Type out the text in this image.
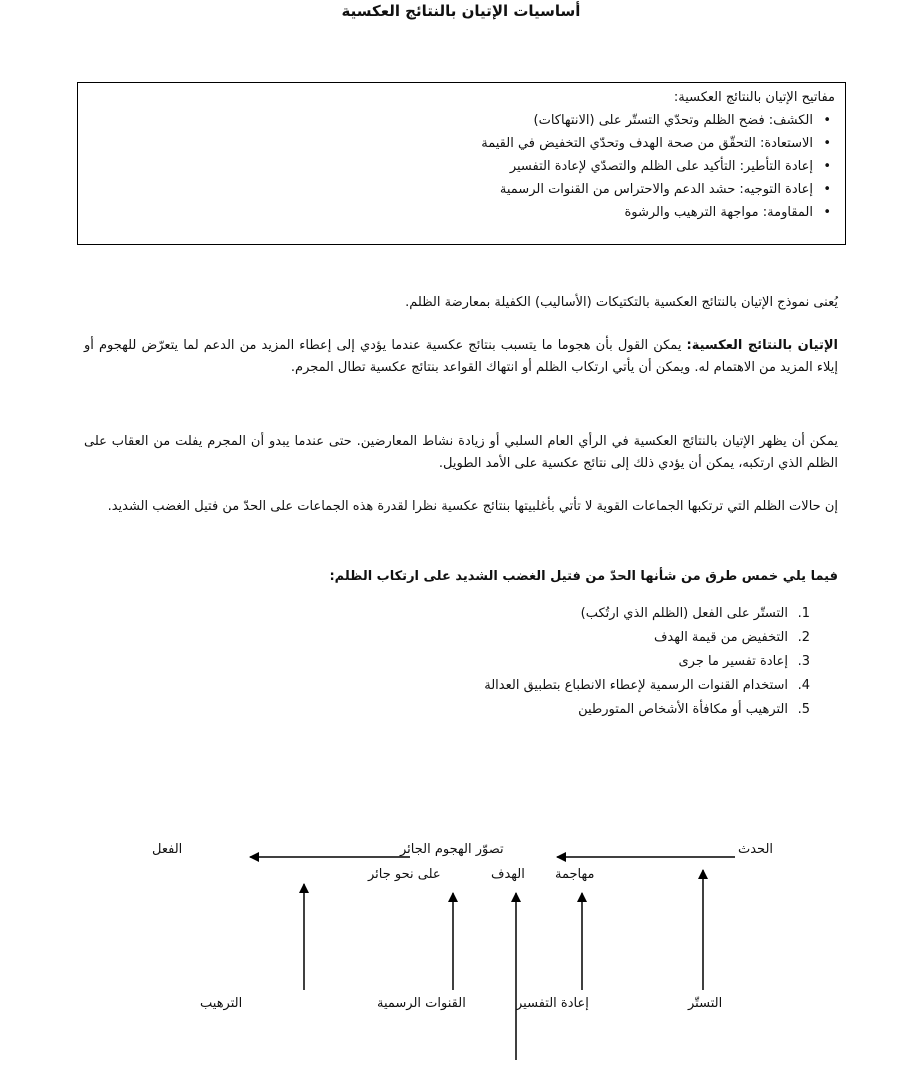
أساسيات الإتيان بالنتائج العكسية
مفاتيح الإتيان بالنتائج العكسية:
•
الكشف: فضح الظلم وتحدّي التستّر على (الانتهاكات)
•
الاستعادة: التحقّق من صحة الهدف وتحدّي التخفيض في القيمة
•
إعادة التأطير: التأكيد على الظلم والتصدّي لإعادة التفسير
•
إعادة التوجيه: حشد الدعم والاحتراس من القنوات الرسمية
•
المقاومة: مواجهة الترهيب والرشوة
يُعنى نموذج الإتيان بالنتائج العكسية بالتكتيكات (الأساليب) الكفيلة بمعارضة الظلم.
الإتيان بالنتائج العكسية: يمكن القول بأن هجوما ما يتسبب بنتائج عكسية عندما يؤدي إلى إعطاء المزيد من الدعم لما يتعرّض للهجوم أو إيلاء المزيد من الاهتمام له. ويمكن أن يأتي ارتكاب الظلم أو انتهاك القواعد بنتائج عكسية تطال المجرم.
يمكن أن يظهر الإتيان بالنتائج العكسية في الرأي العام السلبي أو زيادة نشاط المعارضين. حتى عندما يبدو أن المجرم يفلت من العقاب على الظلم الذي ارتكبه، يمكن أن يؤدي ذلك إلى نتائج عكسية على الأمد الطويل.
إن حالات الظلم التي ترتكبها الجماعات القوية لا تأتي بأغلبيتها بنتائج عكسية نظرا لقدرة هذه الجماعات على الحدّ من فتيل الغضب الشديد.
فيما يلي خمس طرق من شأنها الحدّ من فتيل الغضب الشديد على ارتكاب الظلم:
1.
التستّر على الفعل (الظلم الذي ارتُكب)
2.
التخفيض من قيمة الهدف
3.
إعادة تفسير ما جرى
4.
استخدام القنوات الرسمية لإعطاء الانطباع بتطبيق العدالة
5.
الترهيب أو مكافأة الأشخاص المتورطين
الحدث
الفعل	تصوّر الهجوم الجائر
مهاجمة
الهدف
على نحو جائر
التستّر
إعادة التفسير
القنوات الرسمية
الترهيب
